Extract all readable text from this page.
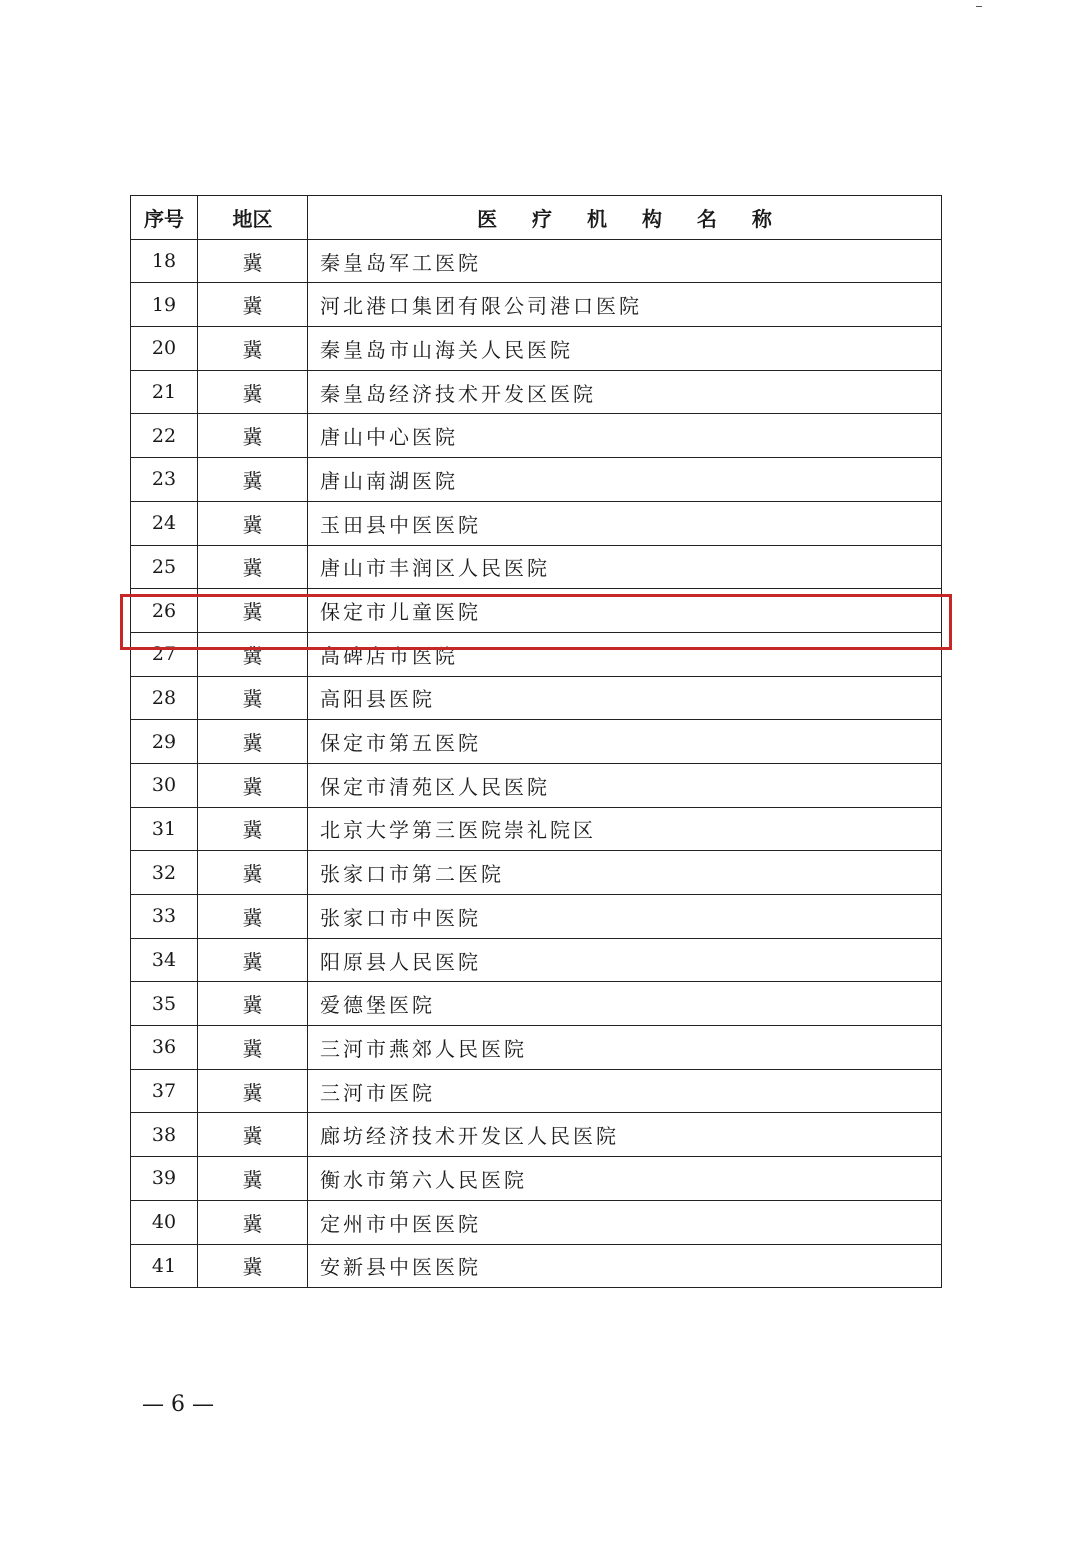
序号	地区	医 疗 机 构 名 称
18	冀	秦皇岛军工医院
19	冀	河北港口集团有限公司港口医院
20	冀	秦皇岛市山海关人民医院
21	冀	秦皇岛经济技术开发区医院
22	冀	唐山中心医院
23	冀	唐山南湖医院
24	冀	玉田县中医医院
25	冀	唐山市丰润区人民医院
26	冀	保定市儿童医院
27	冀	高碑店市医院
28	冀	高阳县医院
29	冀	保定市第五医院
30	冀	保定市清苑区人民医院
31	冀	北京大学第三医院崇礼院区
32	冀	张家口市第二医院
33	冀	张家口市中医院
34	冀	阳原县人民医院
35	冀	爱德堡医院
36	冀	三河市燕郊人民医院
37	冀	三河市医院
38	冀	廊坊经济技术开发区人民医院
39	冀	衡水市第六人民医院
40	冀	定州市中医医院
41	冀	安新县中医医院
— 6 —
